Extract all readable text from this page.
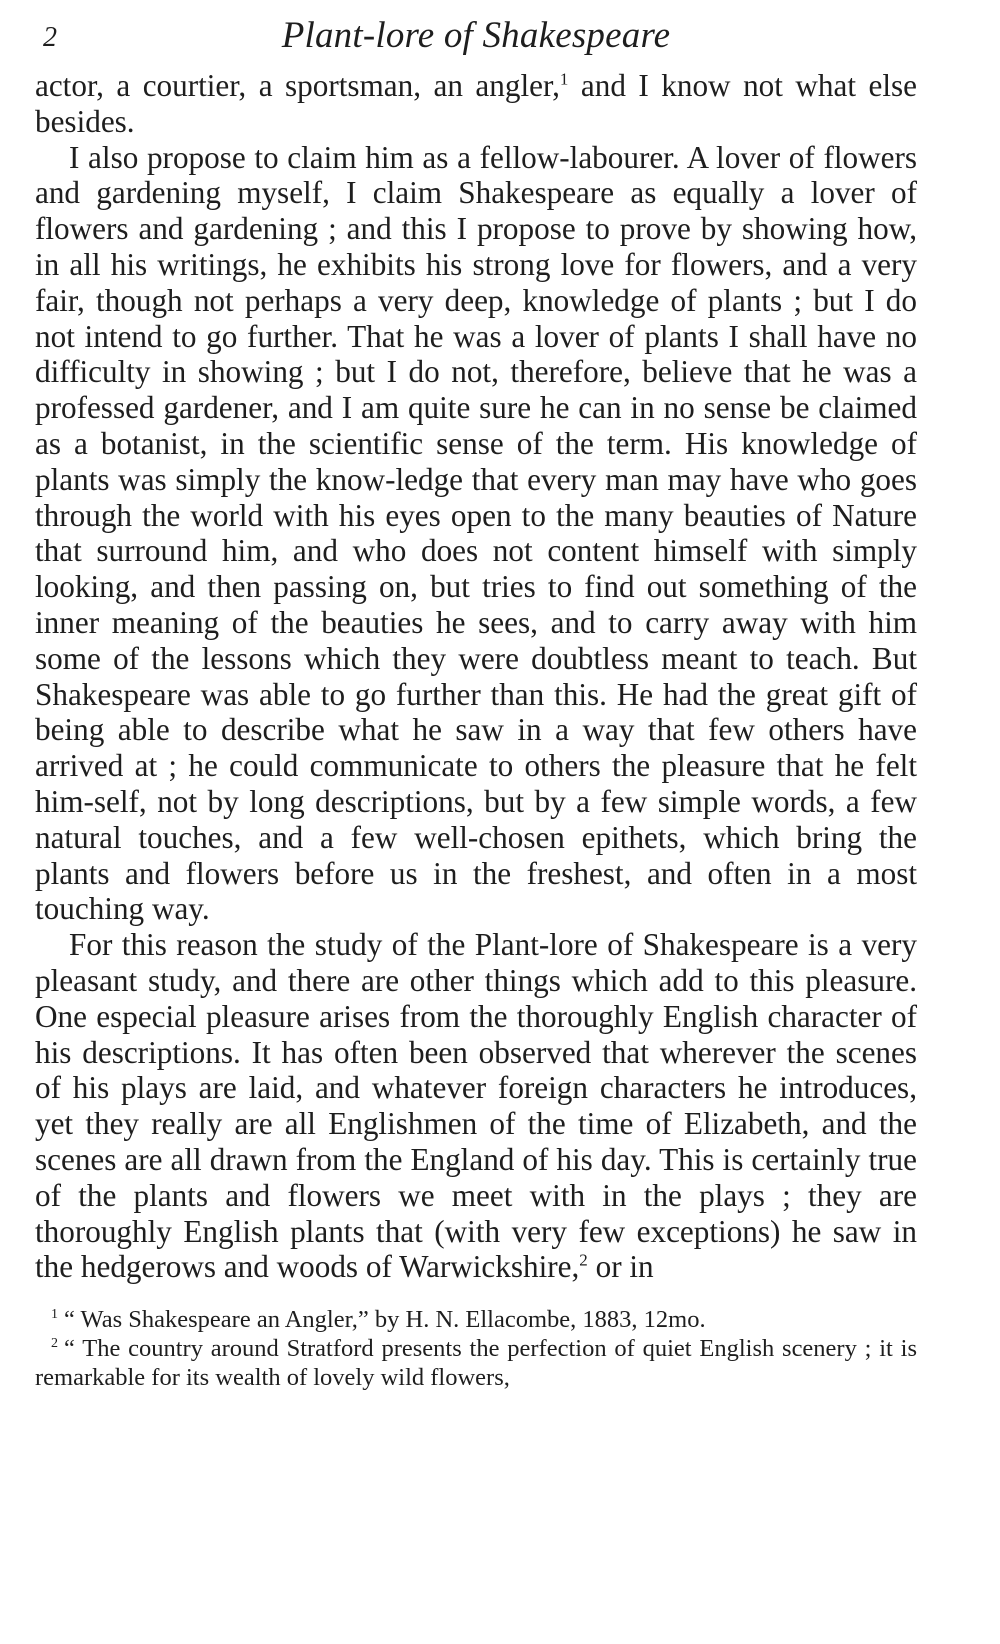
2	Plant-lore of Shakespeare

actor, a courtier, a sportsman, an angler,$^1$ and I know not what else besides.

I also propose to claim him as a fellow-labourer. A lover of flowers and gardening myself, I claim Shakespeare as equally a lover of flowers and gardening ; and this I propose to prove by showing how, in all his writings, he exhibits his strong love for flowers, and a very fair, though not perhaps a very deep, knowledge of plants ; but I do not intend to go further. That he was a lover of plants I shall have no difficulty in showing ; but I do not, therefore, believe that he was a professed gardener, and I am quite sure he can in no sense be claimed as a botanist, in the scientific sense of the term. His knowledge of plants was simply the know-ledge that every man may have who goes through the world with his eyes open to the many beauties of Nature that surround him, and who does not content himself with simply looking, and then passing on, but tries to find out something of the inner meaning of the beauties he sees, and to carry away with him some of the lessons which they were doubtless meant to teach. But Shakespeare was able to go further than this. He had the great gift of being able to describe what he saw in a way that few others have arrived at ; he could communicate to others the pleasure that he felt him-self, not by long descriptions, but by a few simple words, a few natural touches, and a few well-chosen epithets, which bring the plants and flowers before us in the freshest, and often in a most touching way.

For this reason the study of the Plant-lore of Shakespeare is a very pleasant study, and there are other things which add to this pleasure. One especial pleasure arises from the thoroughly English character of his descriptions. It has often been observed that wherever the scenes of his plays are laid, and whatever foreign characters he introduces, yet they really are all Englishmen of the time of Elizabeth, and the scenes are all drawn from the England of his day. This is certainly true of the plants and flowers we meet with in the plays ; they are thoroughly English plants that (with very few exceptions) he saw in the hedgerows and woods of Warwickshire,$^2$ or in

$^1$ “ Was Shakespeare an Angler,” by H. N. Ellacombe, 1883, 12mo.

$^2$ “ The country around Stratford presents the perfection of quiet English scenery ; it is remarkable for its wealth of lovely wild flowers,
